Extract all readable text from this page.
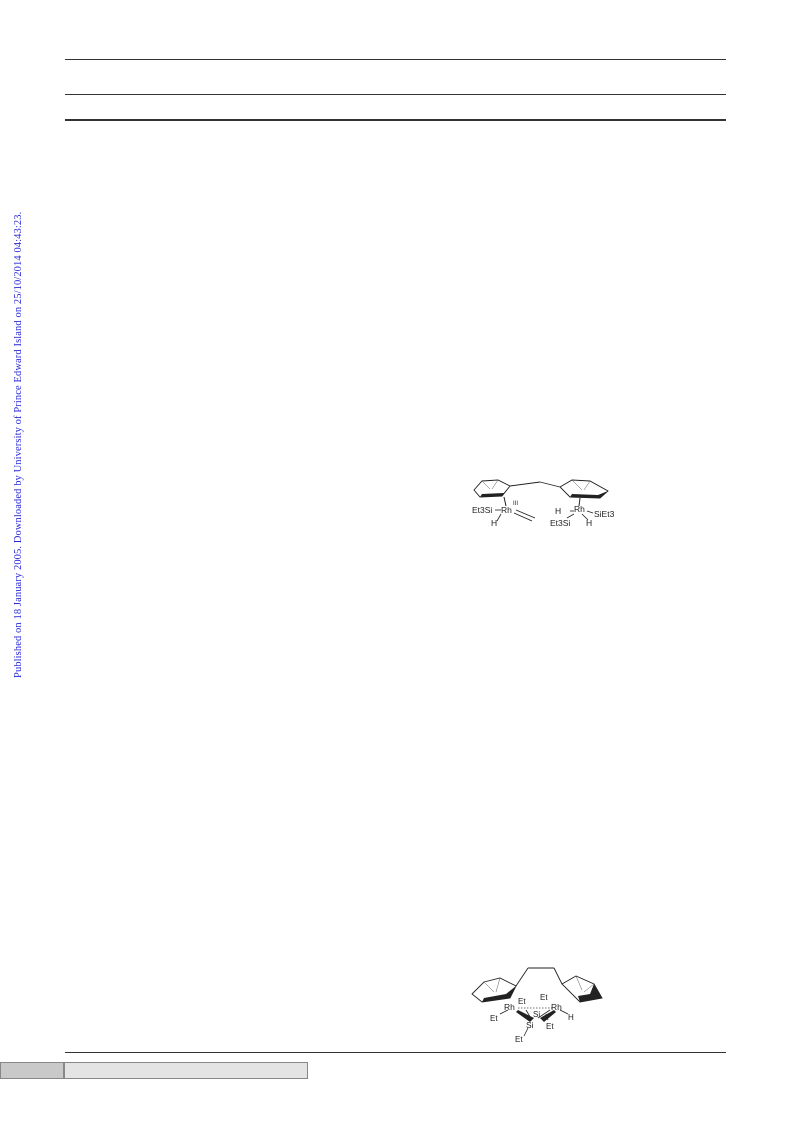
Published on 18 January 2005. Downloaded by University of Prince Edward Island on 25/10/2014 04:43:23.	Et3Si Rh
III
H
H Rh SiEt3
Et3Si H
Rh
Et Et
Rh
Et	Si
Si Et
H
Et
